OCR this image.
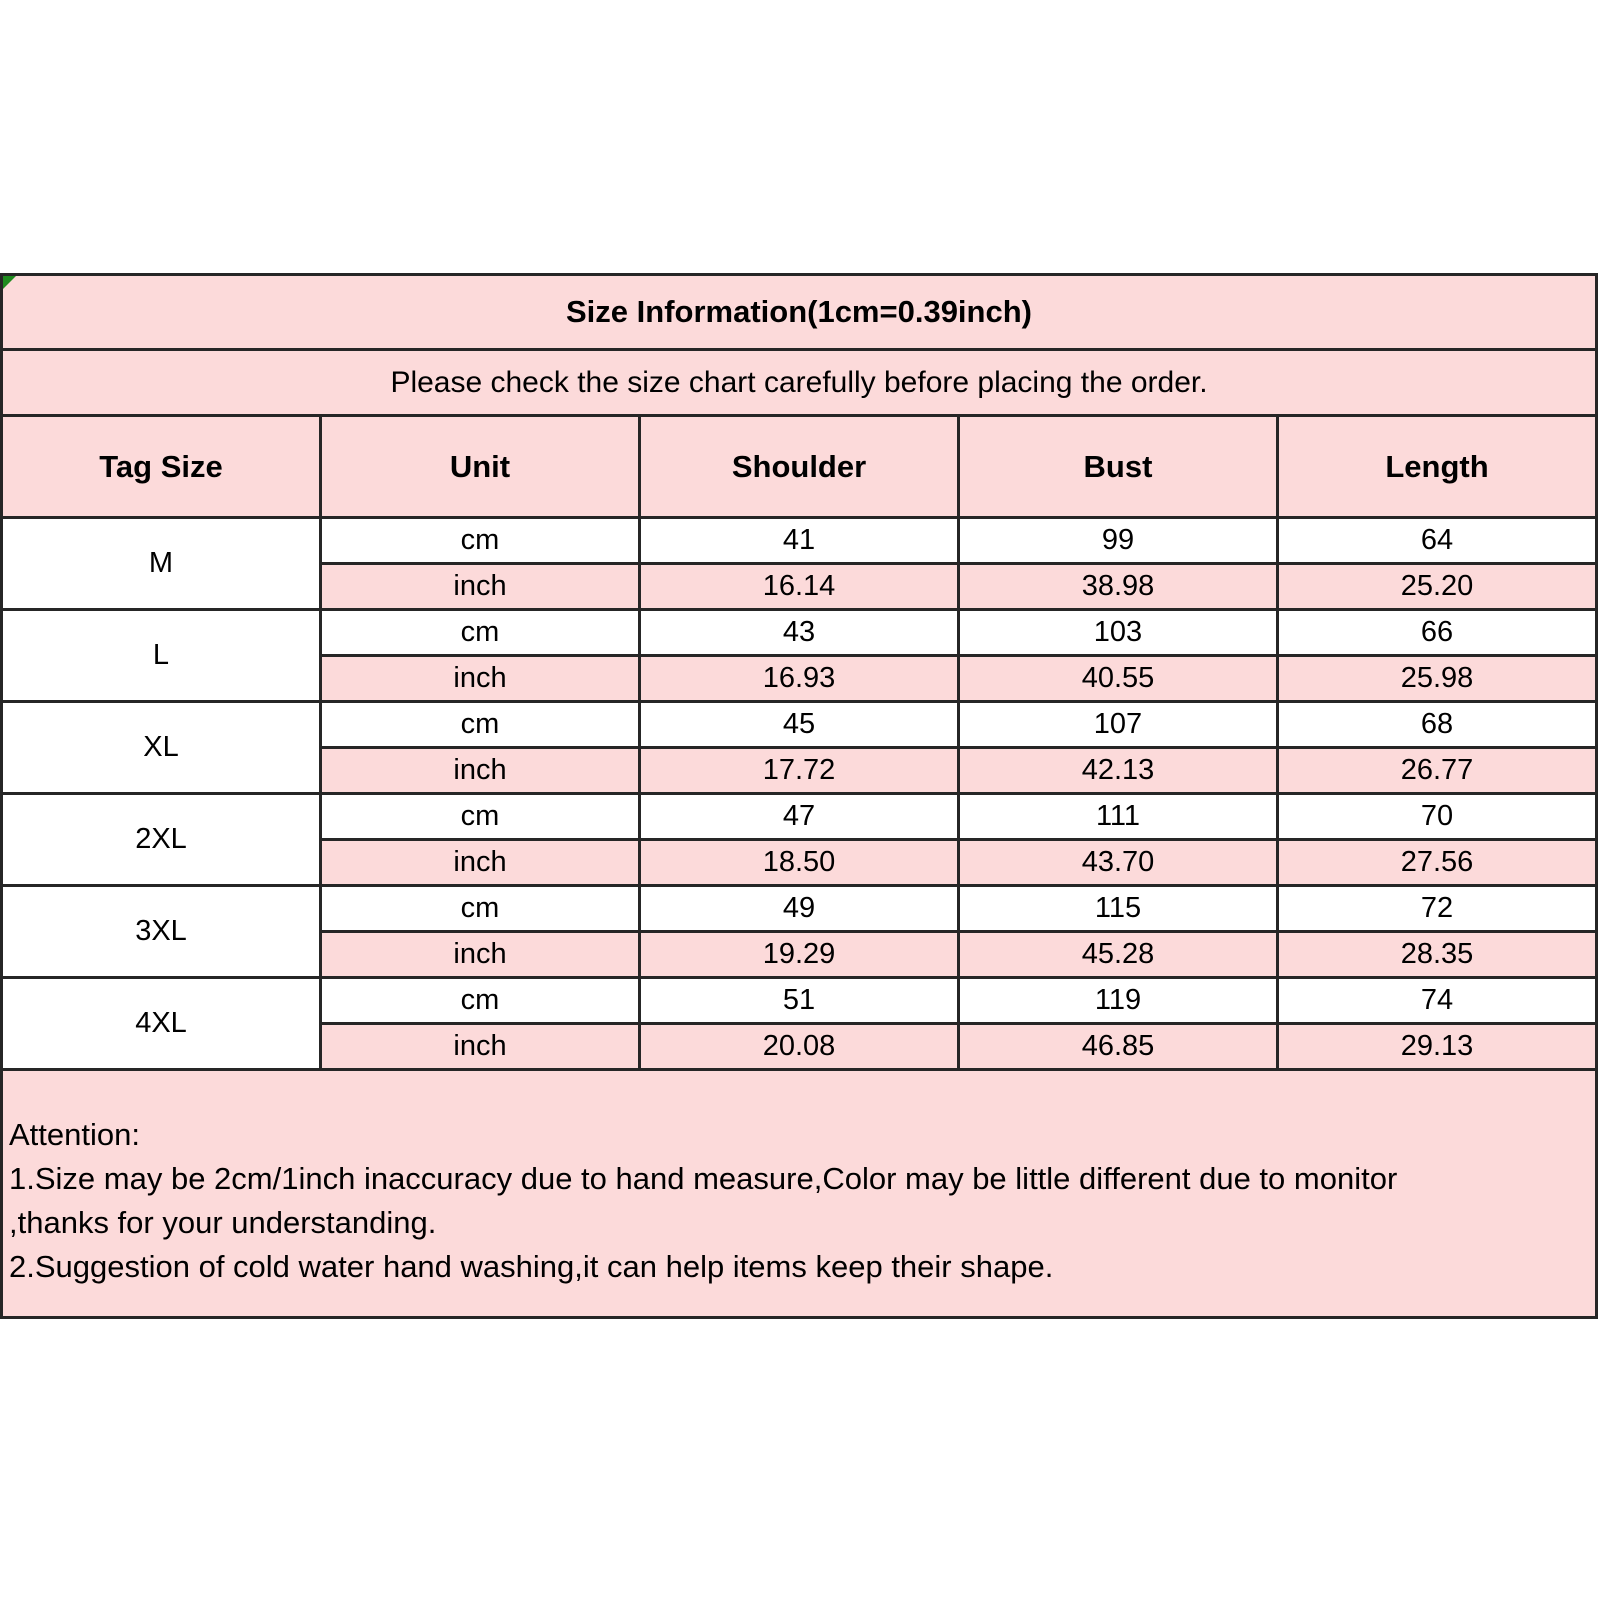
Size Information(1cm=0.39inch)				
Please check the size chart carefully before placing the order.				
Tag Size	Unit	Shoulder	Bust	Length
M	cm	41	99	64
	inch	16.14	38.98	25.20
L	cm	43	103	66
	inch	16.93	40.55	25.98
XL	cm	45	107	68
	inch	17.72	42.13	26.77
2XL	cm	47	111	70
	inch	18.50	43.70	27.56
3XL	cm	49	115	72
	inch	19.29	45.28	28.35
4XL	cm	51	119	74
	inch	20.08	46.85	29.13

Attention:
1.Size may be 2cm/1inch inaccuracy due to hand measure,Color may be little different due to monitor
,thanks for your understanding.
2.Suggestion of cold water hand washing,it can help items keep their shape.				
